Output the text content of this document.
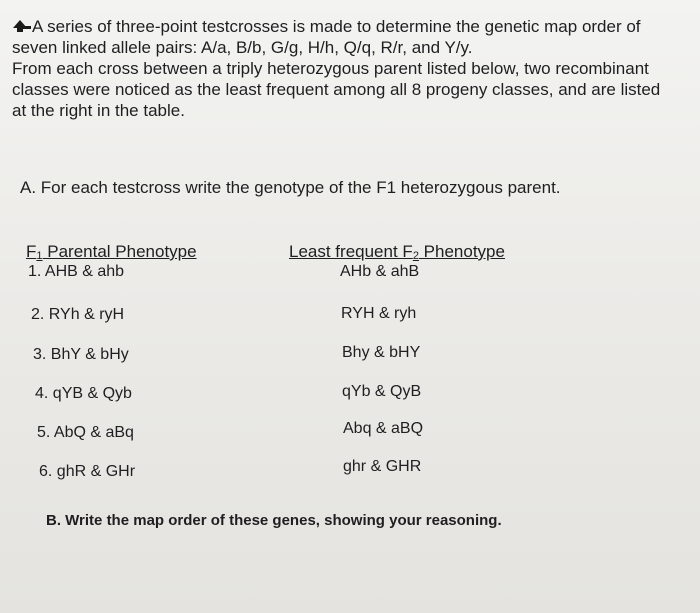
A series of three-point testcrosses is made to determine the genetic map order of
seven linked allele pairs: A/a, B/b, G/g, H/h, Q/q, R/r, and Y/y.
From each cross between a triply heterozygous parent listed below, two recombinant
classes were noticed as the least frequent among all 8 progeny classes, and are listed
at the right in the table.
A. For each testcross write the genotype of the F1 heterozygous parent.
F1 Parental Phenotype	Least frequent F2 Phenotype
1. AHB & ahb	AHb & ahB
2. RYh & ryH	RYH & ryh
3. BhY & bHy	Bhy & bHY
4. qYB & Qyb	qYb & QyB
5. AbQ & aBq	Abq & aBQ
6. ghR & GHr	ghr & GHR
B. Write the map order of these genes, showing your reasoning.
